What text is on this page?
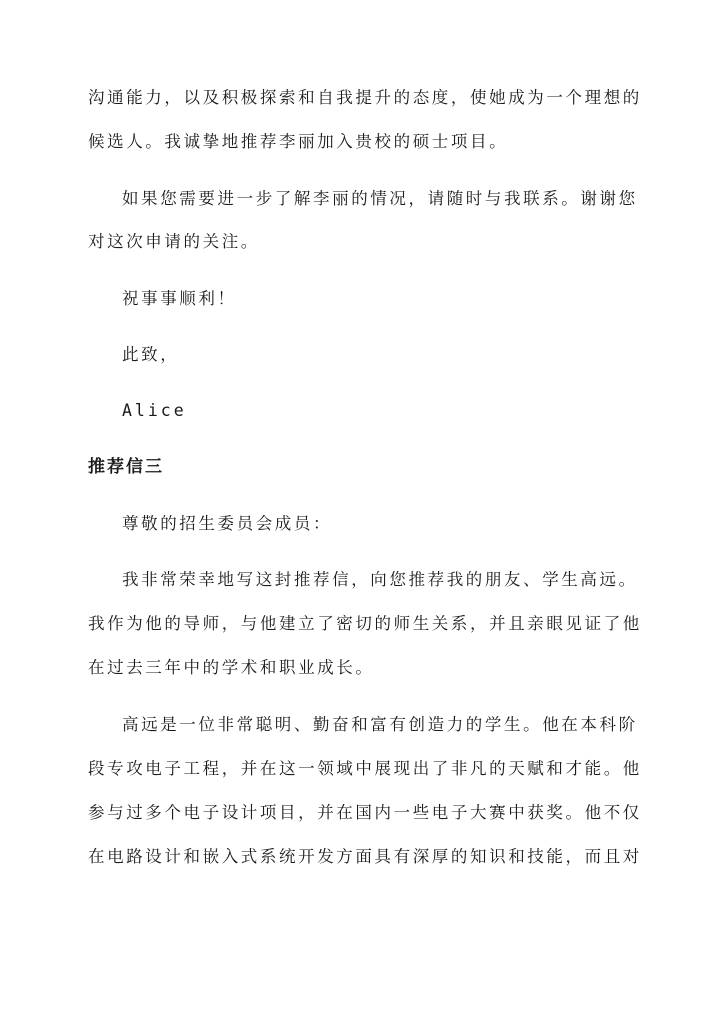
沟通能力，以及积极探索和自我提升的态度，使她成为一个理想的
候选人。我诚挚地推荐李丽加入贵校的硕士项目。
如果您需要进一步了解李丽的情况，请随时与我联系。谢谢您
对这次申请的关注。
祝事事顺利！
此致，
Alice
推荐信三
尊敬的招生委员会成员：
我非常荣幸地写这封推荐信，向您推荐我的朋友、学生高远。
我作为他的导师，与他建立了密切的师生关系，并且亲眼见证了他
在过去三年中的学术和职业成长。
高远是一位非常聪明、勤奋和富有创造力的学生。他在本科阶
段专攻电子工程，并在这一领域中展现出了非凡的天赋和才能。他
参与过多个电子设计项目，并在国内一些电子大赛中获奖。他不仅
在电路设计和嵌入式系统开发方面具有深厚的知识和技能，而且对
